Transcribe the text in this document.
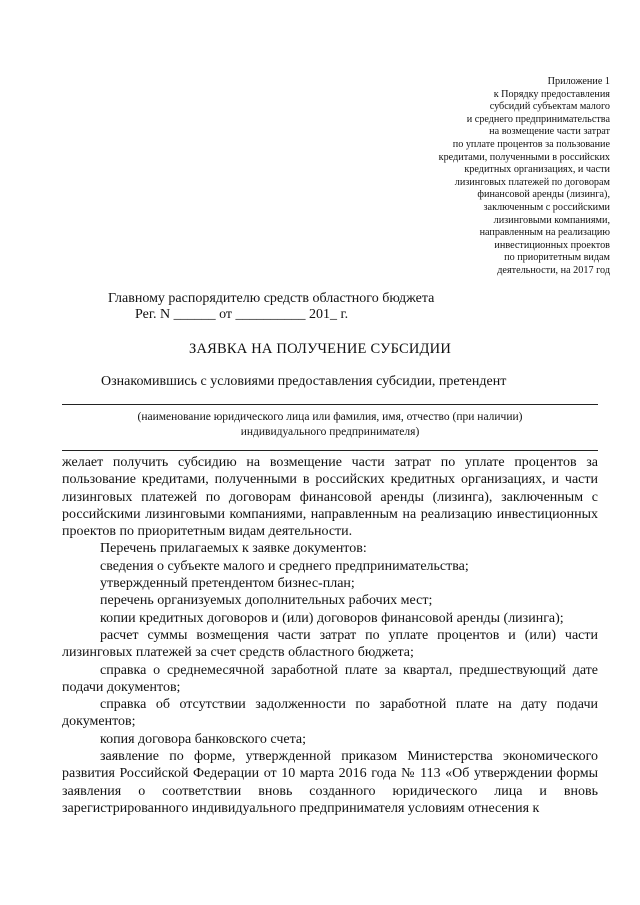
Приложение 1
к Порядку предоставления
субсидий субъектам малого
и среднего предпринимательства
на возмещение части затрат
по уплате процентов за пользование
кредитами, полученными в российских
кредитных организациях, и части
лизинговых платежей по договорам
финансовой аренды (лизинга),
заключенным с российскими
лизинговыми компаниями,
направленным на реализацию
инвестиционных проектов
по приоритетным видам
деятельности, на 2017 год
Главному распорядителю средств областного бюджета
Рег. N ______ от __________ 201_ г.
ЗАЯВКА НА ПОЛУЧЕНИЕ СУБСИДИИ
Ознакомившись с условиями предоставления субсидии, претендент
(наименование юридического лица или фамилия, имя, отчество (при наличии)
индивидуального предпринимателя)

желает получить субсидию на возмещение части затрат по уплате процентов за пользование кредитами, полученными в российских кредитных организациях, и части лизинговых платежей по договорам финансовой аренды (лизинга), заключенным с российскими лизинговыми компаниями, направленным на реализацию инвестиционных проектов по приоритетным видам деятельности.

Перечень прилагаемых к заявке документов:

сведения о субъекте малого и среднего предпринимательства;

утвержденный претендентом бизнес-план;

перечень организуемых дополнительных рабочих мест;

копии кредитных договоров и (или) договоров финансовой аренды (лизинга);

расчет суммы возмещения части затрат по уплате процентов и (или) части лизинговых платежей за счет средств областного бюджета;

справка о среднемесячной заработной плате за квартал, предшествующий дате подачи документов;

справка об отсутствии задолженности по заработной плате на дату подачи документов;

копия договора банковского счета;

заявление по форме, утвержденной приказом Министерства экономического развития Российской Федерации от 10 марта 2016 года № 113 «Об утверждении формы заявления о соответствии вновь созданного юридического лица и вновь зарегистрированного индивидуального предпринимателя условиям отнесения к
